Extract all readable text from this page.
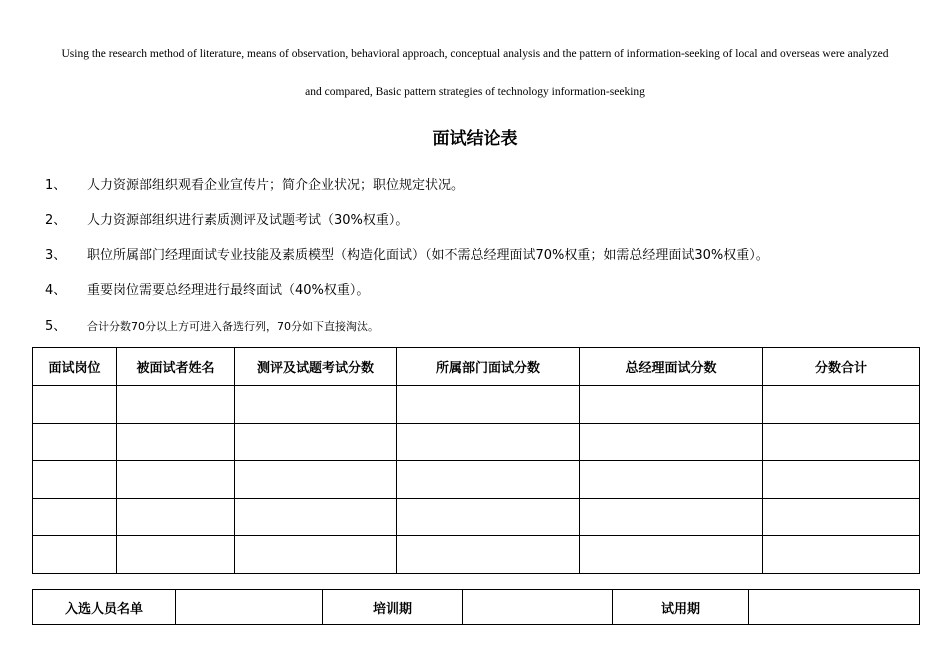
Using the research method of literature, means of observation, behavioral approach, conceptual analysis and the pattern of information-seeking of local and overseas were analyzed
and compared, Basic pattern strategies of technology information-seeking
面试结论表
1、 人力资源部组织观看企业宣传片；简介企业状况；职位规定状况。
2、 人力资源部组织进行素质测评及试题考试（30%权重）。
3、 职位所属部门经理面试专业技能及素质模型（构造化面试）（如不需总经理面试70%权重；如需总经理面试30%权重）。
4、 重要岗位需要总经理进行最终面试（40%权重）。
5、 合计分数70分以上方可进入备选行列，70分如下直接淘汰。
面试岗位	被面试者姓名	测评及试题考试分数	所属部门面试分数	总经理面试分数	分数合计

入选人员名单		培训期		试用期	
